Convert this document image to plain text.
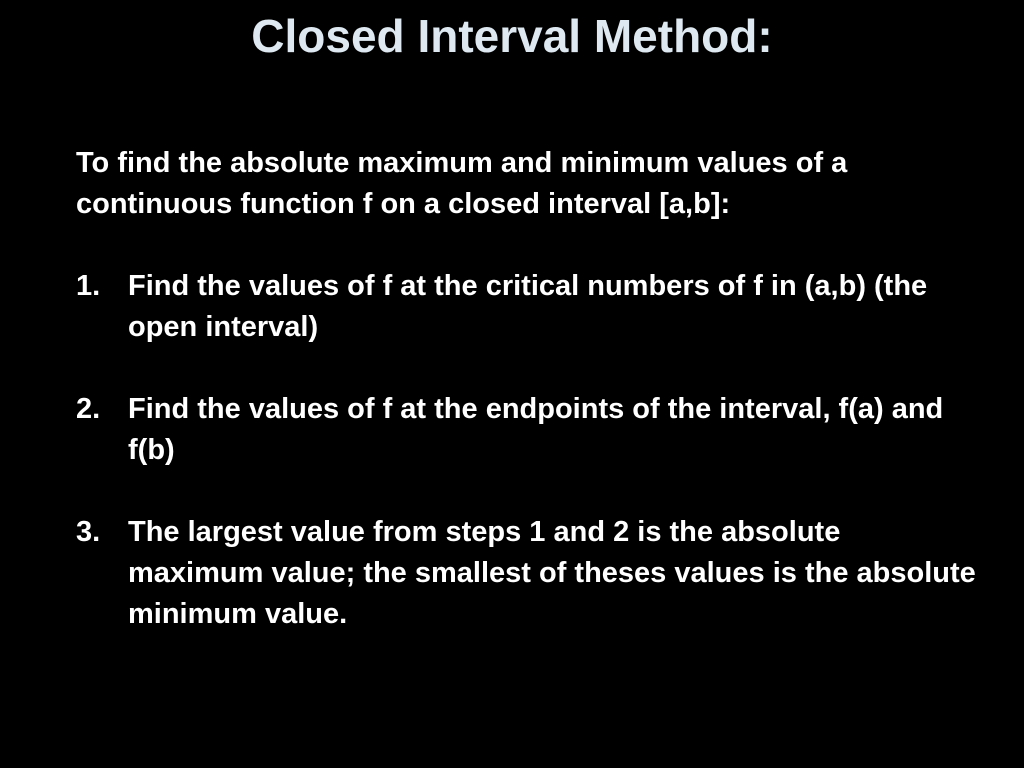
Closed Interval Method:

To find the absolute maximum and minimum values of a continuous function f on a closed interval [a,b]:

1. Find the values of f at the critical numbers of f in (a,b) (the open interval)
2. Find the values of f at the endpoints of the interval, f(a) and f(b)
3. The largest value from steps 1 and 2 is the absolute maximum value; the smallest of theses values is the absolute minimum value.
